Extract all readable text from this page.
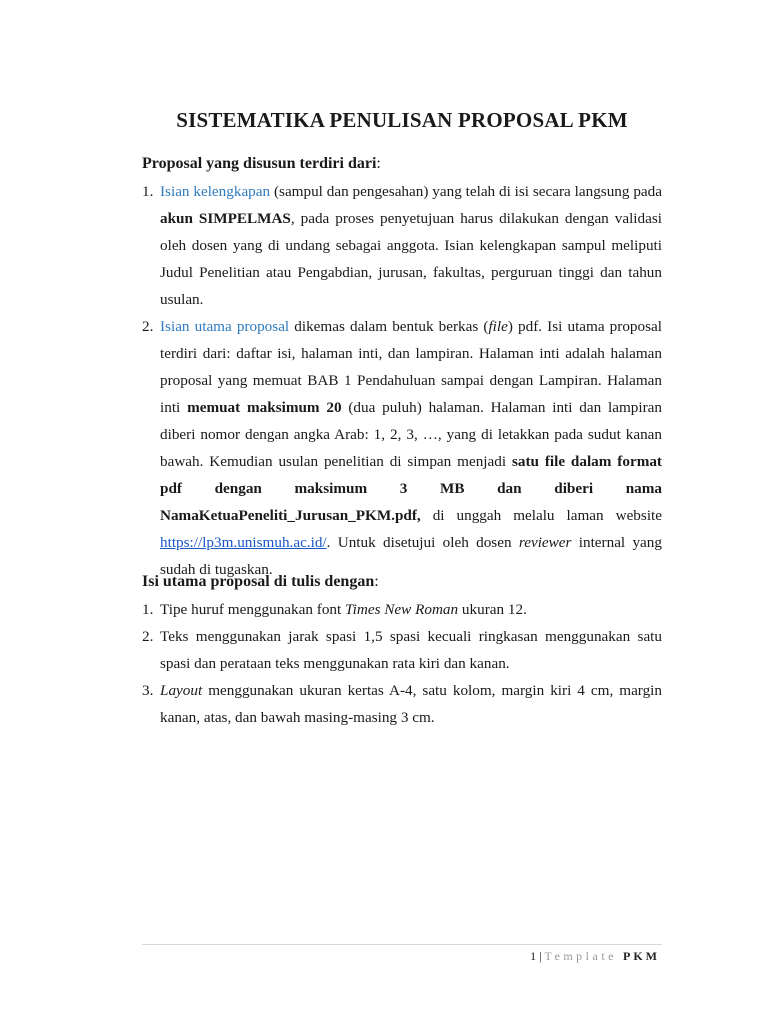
SISTEMATIKA PENULISAN PROPOSAL PKM

Proposal yang disusun terdiri dari:

1. Isian kelengkapan (sampul dan pengesahan) yang telah di isi secara langsung pada akun SIMPELMAS, pada proses penyetujuan harus dilakukan dengan validasi oleh dosen yang di undang sebagai anggota. Isian kelengkapan sampul meliputi Judul Penelitian atau Pengabdian, jurusan, fakultas, perguruan tinggi dan tahun usulan.
2. Isian utama proposal dikemas dalam bentuk berkas (file) pdf. Isi utama proposal terdiri dari: daftar isi, halaman inti, dan lampiran. Halaman inti adalah halaman proposal yang memuat BAB 1 Pendahuluan sampai dengan Lampiran. Halaman inti memuat maksimum 20 (dua puluh) halaman. Halaman inti dan lampiran diberi nomor dengan angka Arab: 1, 2, 3, …, yang di letakkan pada sudut kanan bawah. Kemudian usulan penelitian di simpan menjadi satu file dalam format pdf dengan maksimum 3 MB dan diberi nama NamaKetuaPeneliti_Jurusan_PKM.pdf, di unggah melalu laman website https://lp3m.unismuh.ac.id/. Untuk disetujui oleh dosen reviewer internal yang sudah di tugaskan.

Isi utama proposal di tulis dengan:

1. Tipe huruf menggunakan font Times New Roman ukuran 12.
2. Teks menggunakan jarak spasi 1,5 spasi kecuali ringkasan menggunakan satu spasi dan perataan teks menggunakan rata kiri dan kanan.
3. Layout menggunakan ukuran kertas A-4, satu kolom, margin kiri 4 cm, margin kanan, atas, dan bawah masing-masing 3 cm.
1 | Template PKM
